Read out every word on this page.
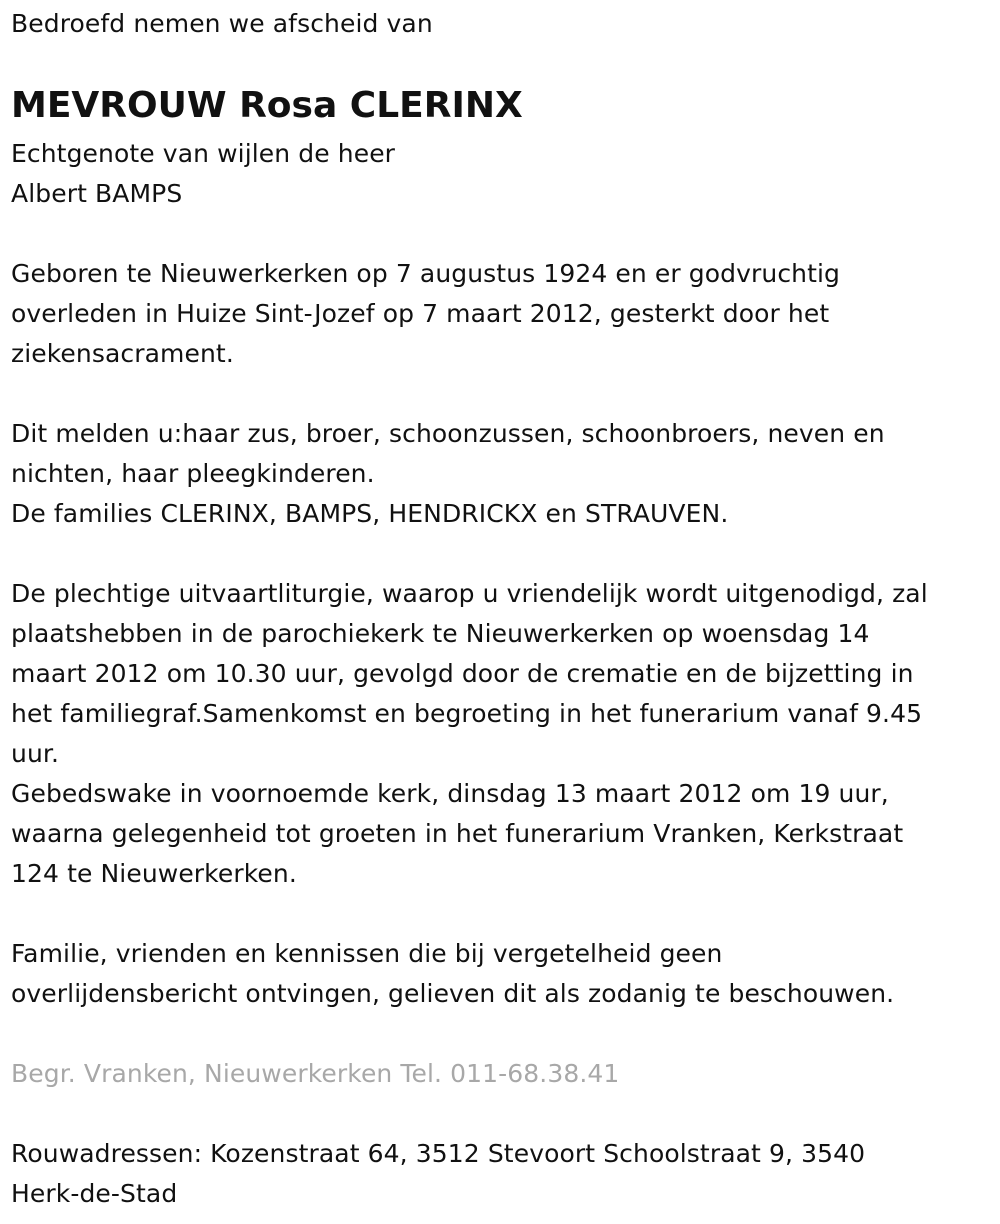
Bedroefd nemen we afscheid van

MEVROUW Rosa CLERINX

Echtgenote van wijlen de heer

Albert BAMPS

Geboren te Nieuwerkerken op 7 augustus 1924 en er godvruchtig

overleden in Huize Sint-Jozef op 7 maart 2012, gesterkt door het

ziekensacrament.

Dit melden u:haar zus, broer, schoonzussen, schoonbroers, neven en

nichten, haar pleegkinderen.

De families CLERINX, BAMPS, HENDRICKX en STRAUVEN.

De plechtige uitvaartliturgie, waarop u vriendelijk wordt uitgenodigd, zal

plaatshebben in de parochiekerk te Nieuwerkerken op woensdag 14

maart 2012 om 10.30 uur, gevolgd door de crematie en de bijzetting in

het familiegraf.Samenkomst en begroeting in het funerarium vanaf 9.45

uur.

Gebedswake in voornoemde kerk, dinsdag 13 maart 2012 om 19 uur,

waarna gelegenheid tot groeten in het funerarium Vranken, Kerkstraat

124 te Nieuwerkerken.

Familie, vrienden en kennissen die bij vergetelheid geen

overlijdensbericht ontvingen, gelieven dit als zodanig te beschouwen.

Begr. Vranken, Nieuwerkerken Tel. 011-68.38.41

Rouwadressen: Kozenstraat 64, 3512 Stevoort Schoolstraat 9, 3540

Herk-de-Stad
